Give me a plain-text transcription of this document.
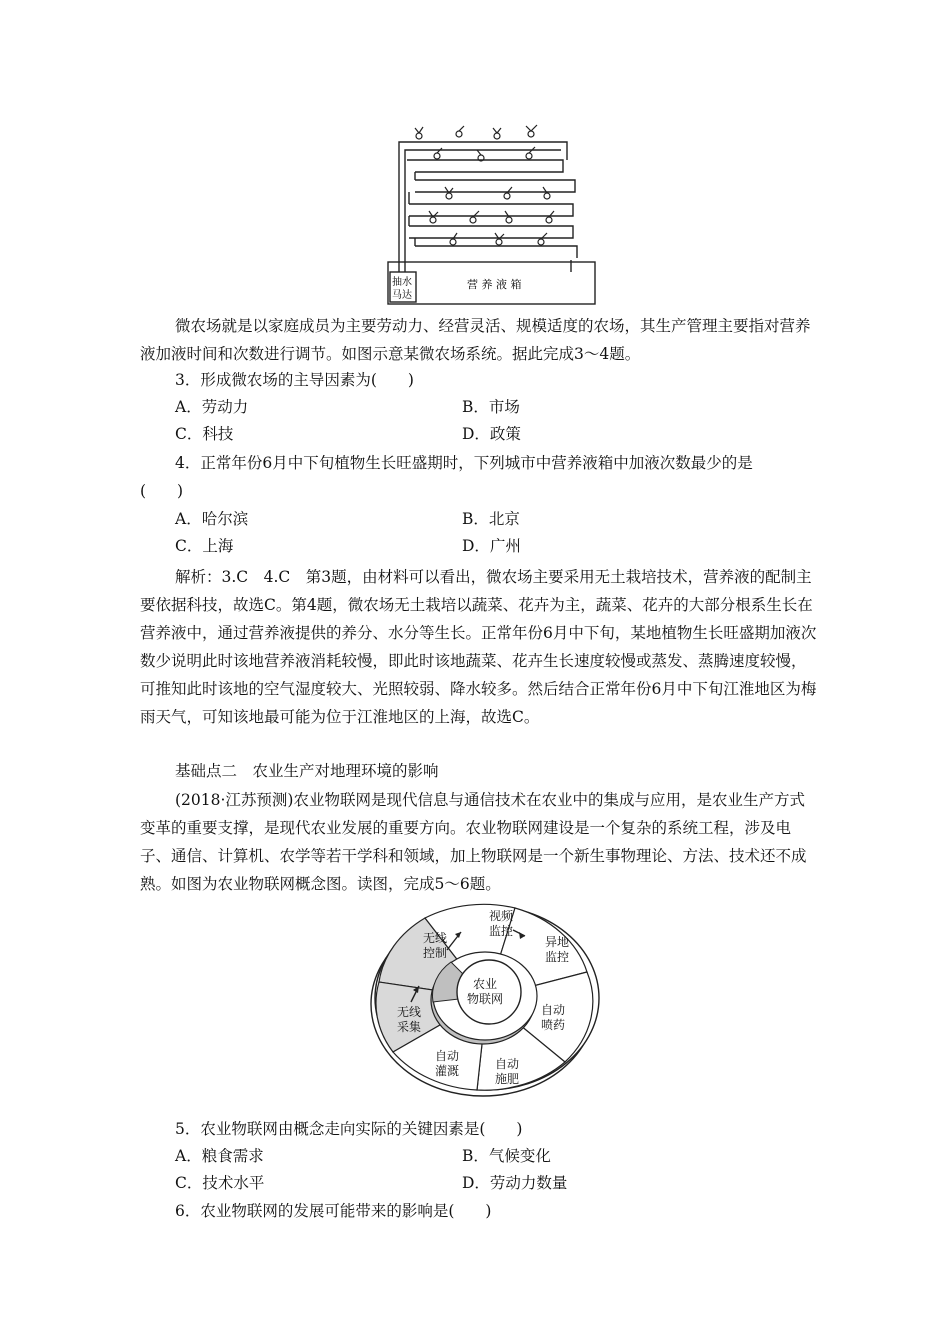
营 养 液 箱
抽水
马达
微农场就是以家庭成员为主要劳动力、经营灵活、规模适度的农场，其生产管理主要指对营养液加液时间和次数进行调节。如图示意某微农场系统。据此完成3～4题。
3．形成微农场的主导因素为(　　)
A．劳动力	B．市场
C．科技	D．政策
4．正常年份6月中下旬植物生长旺盛期时，下列城市中营养液箱中加液次数最少的是
(　　)
A．哈尔滨	B．北京
C．上海	D．广州
解析：3.C　4.C　第3题，由材料可以看出，微农场主要采用无土栽培技术，营养液的配制主要依据科技，故选C。第4题，微农场无土栽培以蔬菜、花卉为主，蔬菜、花卉的大部分根系生长在营养液中，通过营养液提供的养分、水分等生长。正常年份6月中下旬，某地植物生长旺盛期加液次数少说明此时该地营养液消耗较慢，即此时该地蔬菜、花卉生长速度较慢或蒸发、蒸腾速度较慢，可推知此时该地的空气湿度较大、光照较弱、降水较多。然后结合正常年份6月中下旬江淮地区为梅雨天气，可知该地最可能为位于江淮地区的上海，故选C。
基础点二　农业生产对地理环境的影响
(2018·江苏预测)农业物联网是现代信息与通信技术在农业中的集成与应用，是农业生产方式变革的重要支撑，是现代农业发展的重要方向。农业物联网建设是一个复杂的系统工程，涉及电子、通信、计算机、农学等若干学科和领域，加上物联网是一个新生事物理论、方法、技术还不成熟。如图为农业物联网概念图。读图，完成5～6题。
农业
物联网
视频
监控
异地
监控
自动
喷药
自动
施肥
自动
灌溉
无线
采集
无线
控制
5．农业物联网由概念走向实际的关键因素是(　　)
A．粮食需求	B．气候变化
C．技术水平	D．劳动力数量
6．农业物联网的发展可能带来的影响是(　　)
